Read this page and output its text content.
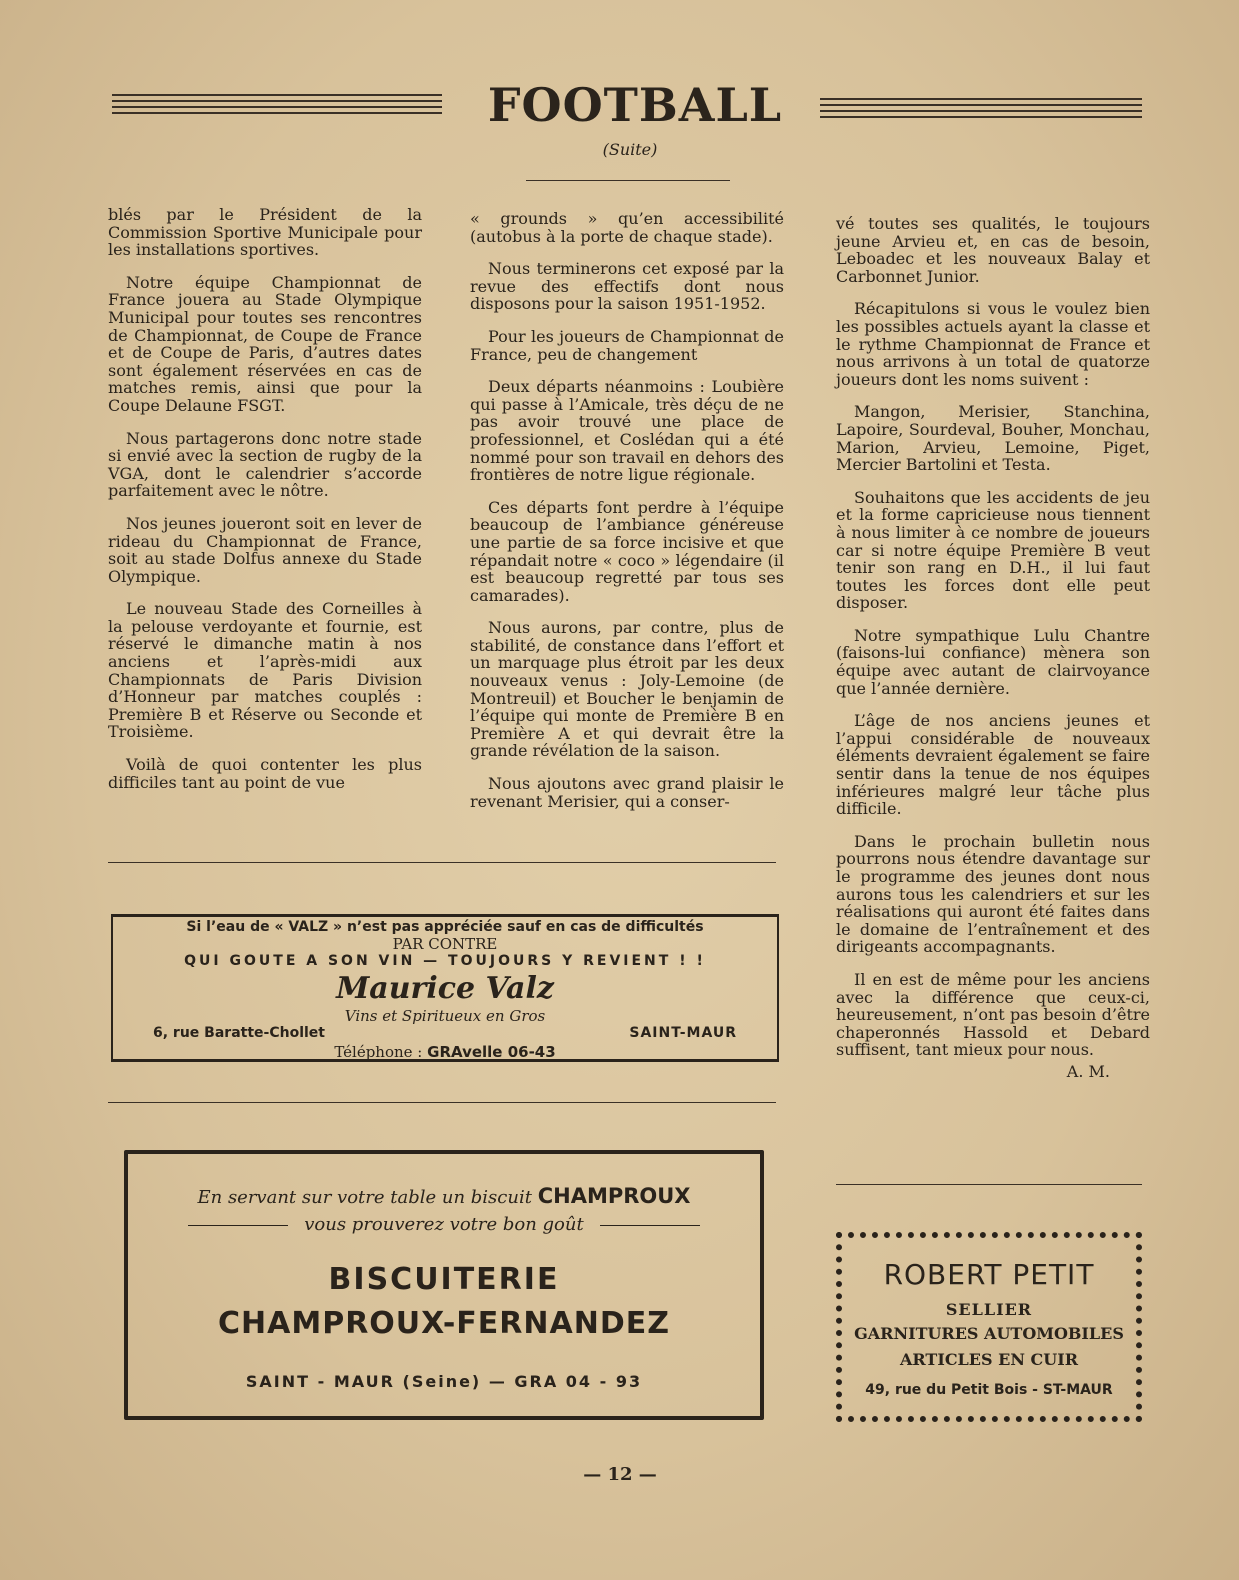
FOOTBALL
(Suite)

blés par le Président de la Commission Sportive Municipale pour les installations sportives.

Notre équipe Championnat de France jouera au Stade Olympique Municipal pour toutes ses rencontres de Championnat, de Coupe de France et de Coupe de Paris, d’autres dates sont également réservées en cas de matches remis, ainsi que pour la Coupe Delaune FSGT.

Nous partagerons donc notre stade si envié avec la section de rugby de la VGA, dont le calendrier s’accorde parfaitement avec le nôtre.

Nos jeunes joueront soit en lever de rideau du Championnat de France, soit au stade Dolfus annexe du Stade Olympique.

Le nouveau Stade des Corneilles à la pelouse verdoyante et fournie, est réservé le dimanche matin à nos anciens et l’après-midi aux Championnats de Paris Division d’Honneur par matches couplés : Première B et Réserve ou Seconde et Troisième.

Voilà de quoi contenter les plus difficiles tant au point de vue

« grounds » qu’en accessibilité (autobus à la porte de chaque stade).

Nous terminerons cet exposé par la revue des effectifs dont nous disposons pour la saison 1951-1952.

Pour les joueurs de Championnat de France, peu de changement

Deux départs néanmoins : Loubière qui passe à l’Amicale, très déçu de ne pas avoir trouvé une place de professionnel, et Coslédan qui a été nommé pour son travail en dehors des frontières de notre ligue régionale.

Ces départs font perdre à l’équipe beaucoup de l’ambiance généreuse une partie de sa force incisive et que répandait notre « coco » légendaire (il est beaucoup regretté par tous ses camarades).

Nous aurons, par contre, plus de stabilité, de constance dans l’effort et un marquage plus étroit par les deux nouveaux venus : Joly-Lemoine (de Montreuil) et Boucher le benjamin de l’équipe qui monte de Première B en Première A et qui devrait être la grande révélation de la saison.

Nous ajoutons avec grand plaisir le revenant Merisier, qui a conser-

vé toutes ses qualités, le toujours jeune Arvieu et, en cas de besoin, Leboadec et les nouveaux Balay et Carbonnet Junior.

Récapitulons si vous le voulez bien les possibles actuels ayant la classe et le rythme Championnat de France et nous arrivons à un total de quatorze joueurs dont les noms suivent :

Mangon, Merisier, Stanchina, Lapoire, Sourdeval, Bouher, Monchau, Marion, Arvieu, Lemoine, Piget, Mercier Bartolini et Testa.

Souhaitons que les accidents de jeu et la forme capricieuse nous tiennent à nous limiter à ce nombre de joueurs car si notre équipe Première B veut tenir son rang en D.H., il lui faut toutes les forces dont elle peut disposer.

Notre sympathique Lulu Chantre (faisons-lui confiance) mènera son équipe avec autant de clairvoyance que l’année dernière.

L’âge de nos anciens jeunes et l’appui considérable de nouveaux éléments devraient également se faire sentir dans la tenue de nos équipes inférieures malgré leur tâche plus difficile.

Dans le prochain bulletin nous pourrons nous étendre davantage sur le programme des jeunes dont nous aurons tous les calendriers et sur les réalisations qui auront été faites dans le domaine de l’entraînement et des dirigeants accompagnants.

Il en est de même pour les anciens avec la différence que ceux-ci, heureusement, n’ont pas besoin d’être chaperonnés Hassold et Debard suffisent, tant mieux pour nous.

A. M.
Si l’eau de « VALZ » n’est pas appréciée sauf en cas de difficultés
PAR CONTRE
QUI GOUTE A SON VIN — TOUJOURS Y REVIENT ! !
Maurice Valz
Vins et Spiritueux en Gros
6, rue Baratte-Chollet	SAINT-MAUR
Téléphone : GRAvelle 06-43
En servant sur votre table un biscuit CHAMPROUX
vous prouverez votre bon goût
BISCUITERIE
CHAMPROUX-FERNANDEZ
SAINT - MAUR (Seine) — GRA 04 - 93
ROBERT PETIT
SELLIER
GARNITURES AUTOMOBILES
ARTICLES EN CUIR
49, rue du Petit Bois - ST-MAUR
— 12 —
